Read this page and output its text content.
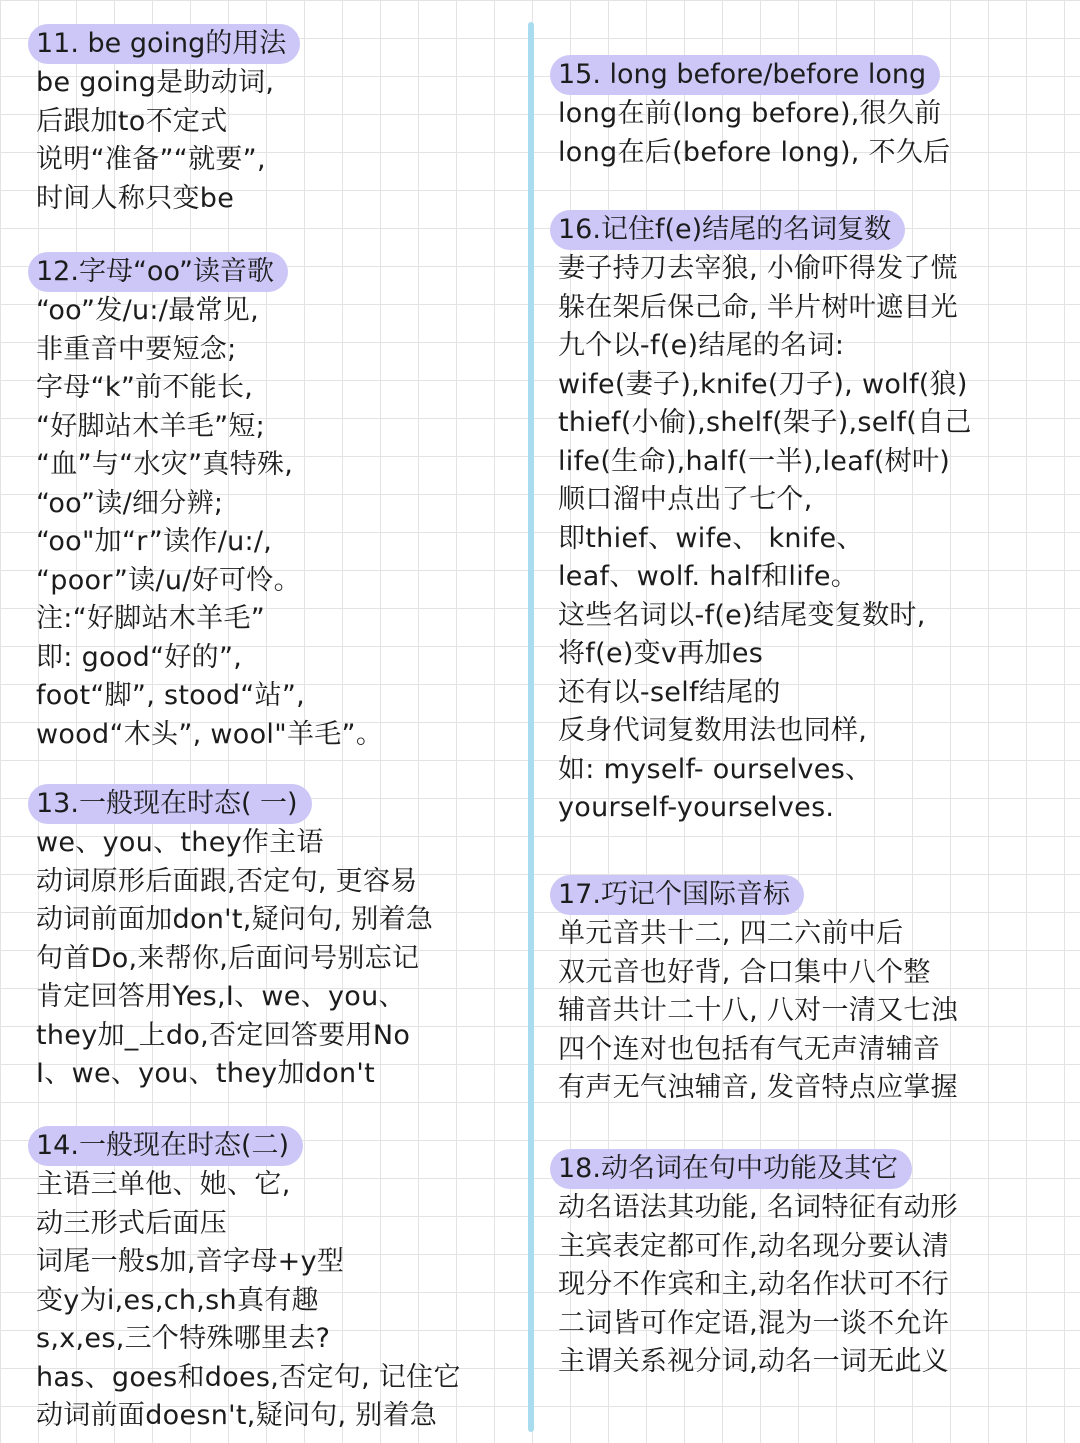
11. be going的用法
be going是助动词,
后跟加to不定式
说明“准备”“就要”,
时间人称只变be
12.字母“oo”读音歌
“oo”发/u:/最常见,
非重音中要短念;
字母“k”前不能长,
“好脚站木羊毛”短;
“血”与“水灾”真特殊,
“oo”读/细分辨;
“oo"加“r”读作/u:/,
“poor”读/u/好可怜。
注:“好脚站木羊毛”
即: good“好的”,
foot“脚”, stood“站”,
wood“木头”, wool"羊毛”。
13.一般现在时态( 一)
we、you、they作主语
动词原形后面跟,否定句, 更容易
动词前面加don't,疑问句, 别着急
句首Do,来帮你,后面问号别忘记
肯定回答用Yes,I、we、you、
they加_上do,否定回答要用No
I、we、you、they加don't
14.一般现在时态(二)
主语三单他、她、它,
动三形式后面压
词尾一般s加,音字母+y型
变y为i,es,ch,sh真有趣
s,x,es,三个特殊哪里去?
has、goes和does,否定句, 记住它
动词前面doesn't,疑问句, 别着急
15. long before/before long
long在前(long before),很久前
long在后(before long), 不久后
16.记住f(e)结尾的名词复数
妻子持刀去宰狼, 小偷吓得发了慌
躲在架后保己命, 半片树叶遮目光
九个以-f(e)结尾的名词:
wife(妻子),knife(刀子), wolf(狼)
thief(小偷),shelf(架子),self(自己
life(生命),half(一半),leaf(树叶)
顺口溜中点出了七个,
即thief、wife、 knife、
leaf、wolf. half和life。
这些名词以-f(e)结尾变复数时,
将f(e)变v再加es
还有以-self结尾的
反身代词复数用法也同样,
如: myself- ourselves、
yourself-yourselves.
17.巧记个国际音标
单元音共十二, 四二六前中后
双元音也好背, 合口集中八个整
辅音共计二十八, 八对一清又七浊
四个连对也包括有气无声清辅音
有声无气浊辅音, 发音特点应掌握
18.动名词在句中功能及其它
动名语法其功能, 名词特征有动形
主宾表定都可作,动名现分要认清
现分不作宾和主,动名作状可不行
二词皆可作定语,混为一谈不允许
主谓关系视分词,动名一词无此义
